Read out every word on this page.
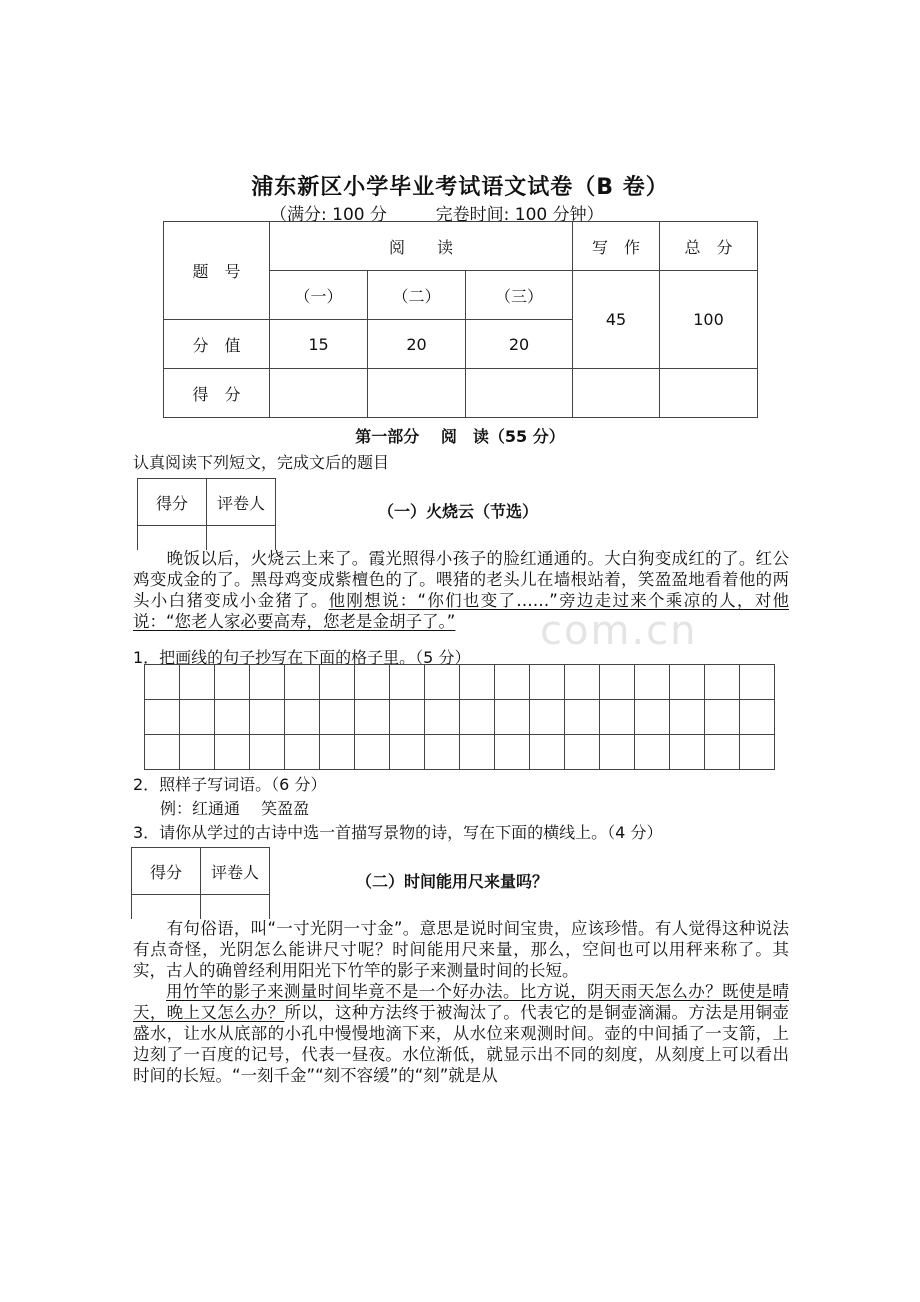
浦东新区小学毕业考试语文试卷（B 卷）
（满分: 100 分         完卷时间: 100 分钟）
题　号	阅　　读			写　作	总　分
	（一）	（二）	（三）	45	100
分　值	15	20	20		
得　分					
第一部分　 阅　读（55 分）
认真阅读下列短文，完成文后的题目
得分	评卷人
		（一）火烧云（节选）

　　晚饭以后，火烧云上来了。霞光照得小孩子的脸红通通的。大白狗变成红的了。红公鸡变成金的了。黑母鸡变成紫檀色的了。喂猪的老头儿在墙根站着，笑盈盈地看着他的两头小白猪变成小金猪了。他刚想说：“你们也变了……”旁边走过来个乘凉的人，对他说：“您老人家必要高寿，您老是金胡子了。”

1．把画线的句子抄写在下面的格子里。（5 分）

2．照样子写词语。（6 分）
例：红通通　 笑盈盈
3．请你从学过的古诗中选一首描写景物的诗，写在下面的横线上。（4 分）
得分	评卷人
		（二）时间能用尺来量吗？

　　有句俗语，叫“一寸光阴一寸金”。意思是说时间宝贵，应该珍惜。有人觉得这种说法有点奇怪，光阴怎么能讲尺寸呢？时间能用尺来量，那么，空间也可以用秤来称了。其实，古人的确曾经利用阳光下竹竿的影子来测量时间的长短。

用竹竿的影子来测量时间毕竟不是一个好办法。比方说，阴天雨天怎么办？既使是晴天，晚上又怎么办？所以，这种方法终于被淘汰了。代表它的是铜壶滴漏。方法是用铜壶盛水，让水从底部的小孔中慢慢地滴下来，从水位来观测时间。壶的中间插了一支箭，上边刻了一百度的记号，代表一昼夜。水位渐低，就显示出不同的刻度，从刻度上可以看出时间的长短。“一刻千金”“刻不容缓”的“刻”就是从

com.cn
